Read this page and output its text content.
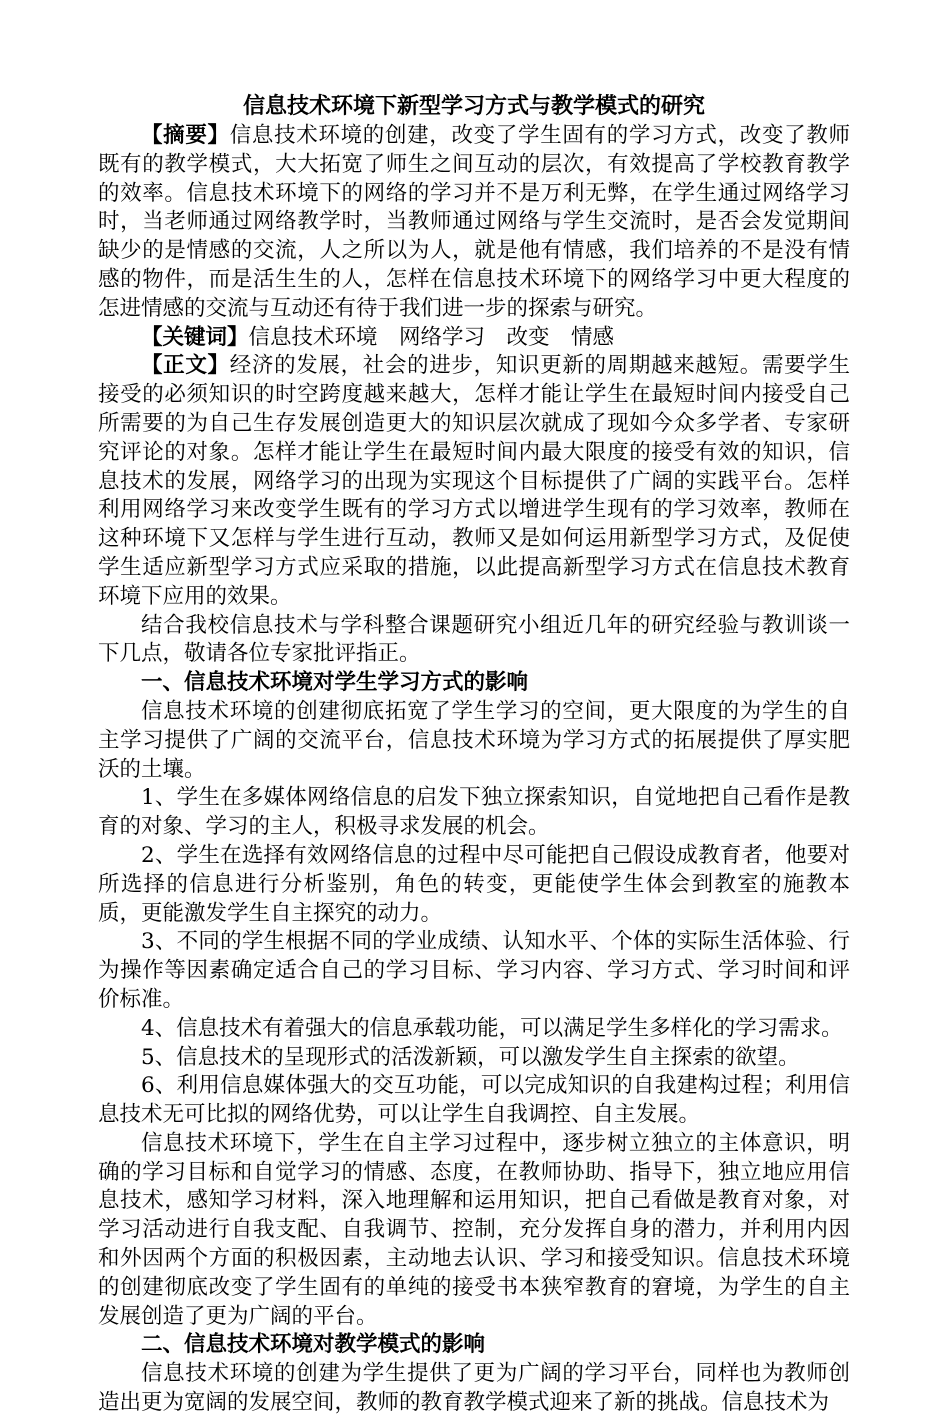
信息技术环境下新型学习方式与教学模式的研究

【摘要】信息技术环境的创建，改变了学生固有的学习方式，改变了教师既有的教学模式，大大拓宽了师生之间互动的层次，有效提高了学校教育教学的效率。信息技术环境下的网络的学习并不是万利无弊，在学生通过网络学习时，当老师通过网络教学时，当教师通过网络与学生交流时，是否会发觉期间缺少的是情感的交流，人之所以为人，就是他有情感，我们培养的不是没有情感的物件，而是活生生的人，怎样在信息技术环境下的网络学习中更大程度的怎进情感的交流与互动还有待于我们进一步的探索与研究。

【关键词】信息技术环境　网络学习　改变　情感

【正文】经济的发展，社会的进步，知识更新的周期越来越短。需要学生接受的必须知识的时空跨度越来越大，怎样才能让学生在最短时间内接受自己所需要的为自己生存发展创造更大的知识层次就成了现如今众多学者、专家研究评论的对象。怎样才能让学生在最短时间内最大限度的接受有效的知识，信息技术的发展，网络学习的出现为实现这个目标提供了广阔的实践平台。怎样利用网络学习来改变学生既有的学习方式以增进学生现有的学习效率，教师在这种环境下又怎样与学生进行互动，教师又是如何运用新型学习方式，及促使学生适应新型学习方式应采取的措施，以此提高新型学习方式在信息技术教育环境下应用的效果。

结合我校信息技术与学科整合课题研究小组近几年的研究经验与教训谈一下几点，敬请各位专家批评指正。

一、信息技术环境对学生学习方式的影响

信息技术环境的创建彻底拓宽了学生学习的空间，更大限度的为学生的自主学习提供了广阔的交流平台，信息技术环境为学习方式的拓展提供了厚实肥沃的土壤。

1、学生在多媒体网络信息的启发下独立探索知识，自觉地把自己看作是教育的对象、学习的主人，积极寻求发展的机会。

2、学生在选择有效网络信息的过程中尽可能把自己假设成教育者，他要对所选择的信息进行分析鉴别，角色的转变，更能使学生体会到教室的施教本质，更能激发学生自主探究的动力。

3、不同的学生根据不同的学业成绩、认知水平、个体的实际生活体验、行为操作等因素确定适合自己的学习目标、学习内容、学习方式、学习时间和评价标准。

4、信息技术有着强大的信息承载功能，可以满足学生多样化的学习需求。

5、信息技术的呈现形式的活泼新颖，可以激发学生自主探索的欲望。

6、利用信息媒体强大的交互功能，可以完成知识的自我建构过程；利用信息技术无可比拟的网络优势，可以让学生自我调控、自主发展。

信息技术环境下，学生在自主学习过程中，逐步树立独立的主体意识，明确的学习目标和自觉学习的情感、态度，在教师协助、指导下，独立地应用信息技术，感知学习材料，深入地理解和运用知识，把自己看做是教育对象，对学习活动进行自我支配、自我调节、控制，充分发挥自身的潜力，并利用内因和外因两个方面的积极因素，主动地去认识、学习和接受知识。信息技术环境的创建彻底改变了学生固有的单纯的接受书本狭窄教育的窘境，为学生的自主发展创造了更为广阔的平台。

二、信息技术环境对教学模式的影响

信息技术环境的创建为学生提供了更为广阔的学习平台，同样也为教师创造出更为宽阔的发展空间，教师的教育教学模式迎来了新的挑战。信息技术为
